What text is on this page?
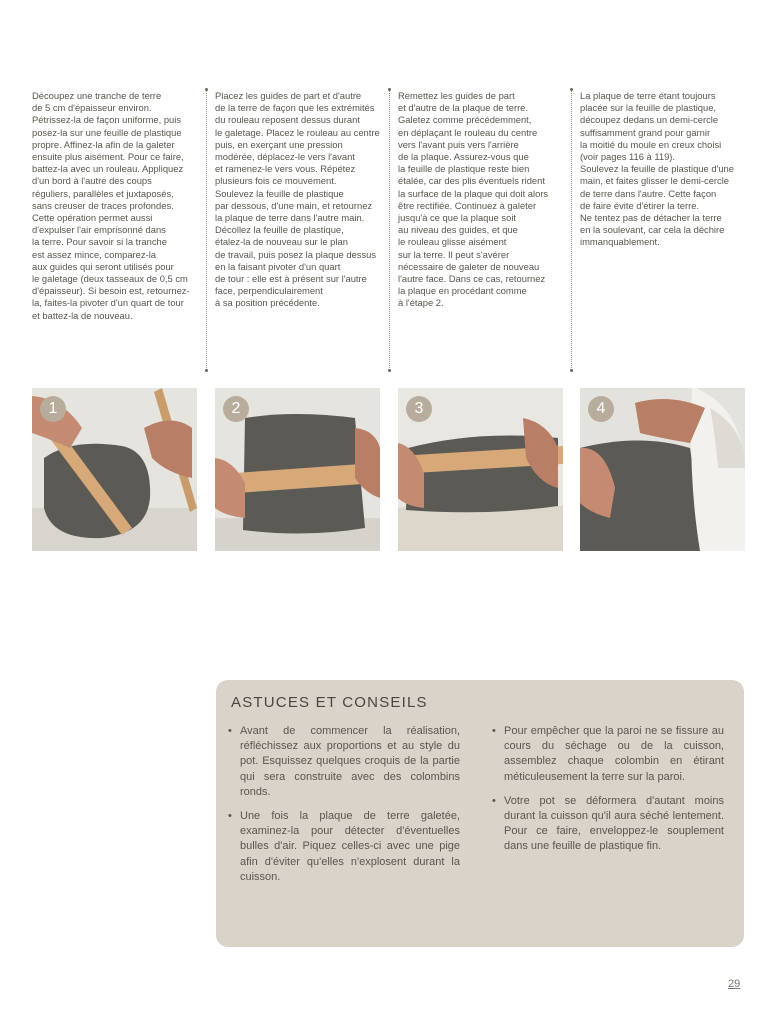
Découpez une tranche de terre
de 5 cm d'épaisseur environ.
Pétrissez-la de façon uniforme, puis
posez-la sur une feuille de plastique
propre. Affinez-la afin de la galeter
ensuite plus aisément. Pour ce faire,
battez-la avec un rouleau. Appliquez
d'un bord à l'autre des coups
réguliers, parallèles et juxtaposés,
sans creuser de traces profondes.
Cette opération permet aussi
d'expulser l'air emprisonné dans
la terre. Pour savoir si la tranche
est assez mince, comparez-la
aux guides qui seront utilisés pour
le galetage (deux tasseaux de 0,5 cm
d'épaisseur). Si besoin est, retournez-
la, faites-la pivoter d'un quart de tour
et battez-la de nouveau.

Placez les guides de part et d'autre
de la terre de façon que les extrémités
du rouleau reposent dessus durant
le galetage. Placez le rouleau au centre
puis, en exerçant une pression
modérée, déplacez-le vers l'avant
et ramenez-le vers vous. Répétez
plusieurs fois ce mouvement.
Soulevez la feuille de plastique
par dessous, d'une main, et retournez
la plaque de terre dans l'autre main.
Décollez la feuille de plastique,
étalez-la de nouveau sur le plan
de travail, puis posez la plaque dessus
en la faisant pivoter d'un quart
de tour : elle est à présent sur l'autre
face, perpendiculairement
à sa position précédente.

Remettez les guides de part
et d'autre de la plaque de terre.
Galetez comme précédemment,
en déplaçant le rouleau du centre
vers l'avant puis vers l'arrière
de la plaque. Assurez-vous que
la feuille de plastique reste bien
étalée, car des plis éventuels rident
la surface de la plaque qui doit alors
être rectifiée. Continuez à galeter
jusqu'à ce que la plaque soit
au niveau des guides, et que
le rouleau glisse aisément
sur la terre. Il peut s'avérer
nécessaire de galeter de nouveau
l'autre face. Dans ce cas, retournez
la plaque en procédant comme
à l'étape 2.

La plaque de terre étant toujours
placée sur la feuille de plastique,
découpez dedans un demi-cercle
suffisamment grand pour garnir
la moitié du moule en creux choisi
(voir pages 116 à 119).
Soulevez la feuille de plastique d'une
main, et faites glisser le demi-cercle
de terre dans l'autre. Cette façon
de faire évite d'étirer la terre.
Ne tentez pas de détacher la terre
en la soulevant, car cela la déchire
immanquablement.

1	2	3	4
ASTUCES ET CONSEILS

• Avant de commencer la réalisation, réfléchissez aux proportions et au style du pot. Esquissez quelques croquis de la partie qui sera construite avec des colombins ronds.

• Une fois la plaque de terre galetée, examinez-la pour détecter d'éventuelles bulles d'air. Piquez celles-ci avec une pige afin d'éviter qu'elles n'explosent durant la cuisson.

• Pour empêcher que la paroi ne se fissure au cours du séchage ou de la cuisson, assemblez chaque colombin en étirant méticuleusement la terre sur la paroi.

• Votre pot se déformera d'autant moins durant la cuisson qu'il aura séché lentement. Pour ce faire, enveloppez-le souplement dans une feuille de plastique fin.

29
